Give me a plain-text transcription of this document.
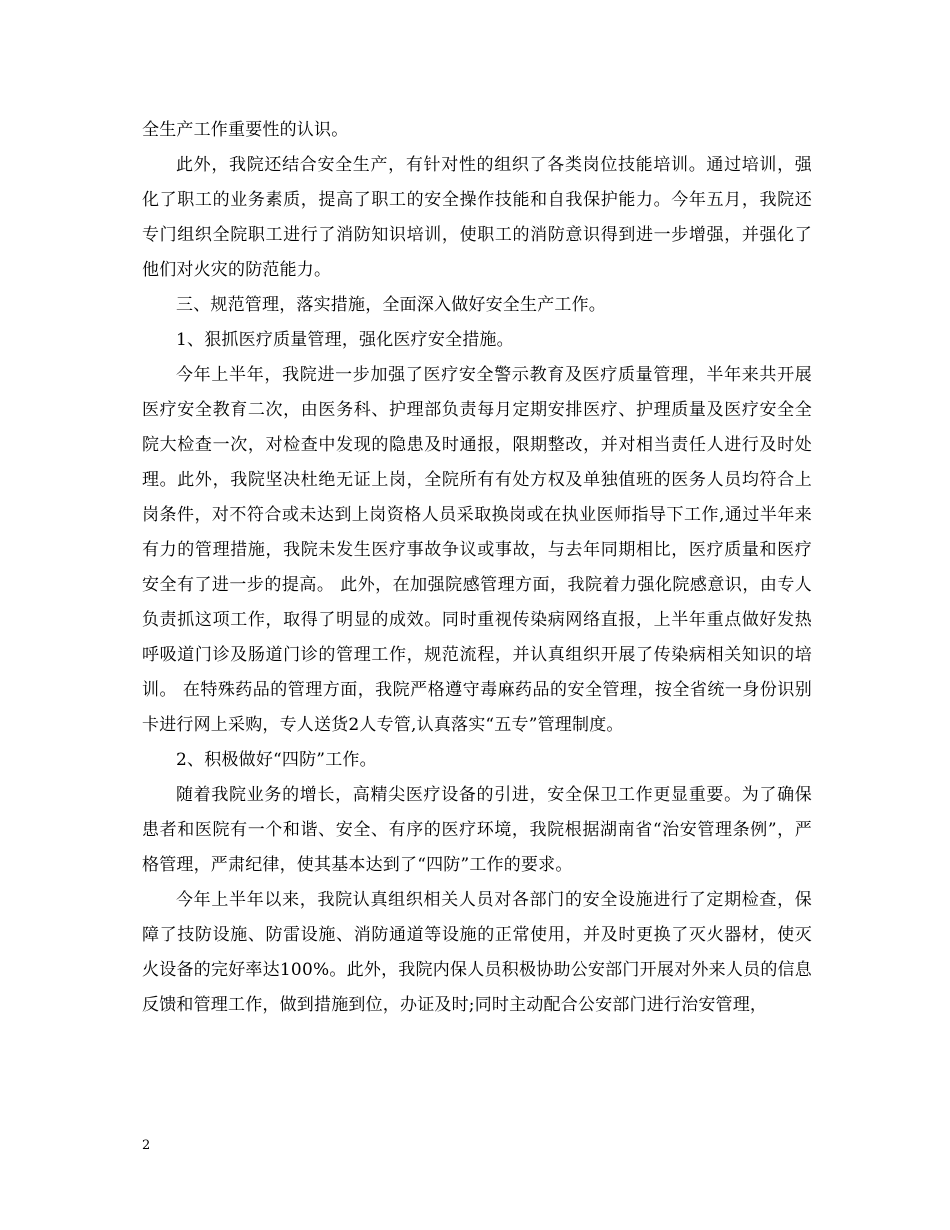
全生产工作重要性的认识。

此外，我院还结合安全生产，有针对性的组织了各类岗位技能培训。通过培训，强化了职工的业务素质，提高了职工的安全操作技能和自我保护能力。今年五月，我院还专门组织全院职工进行了消防知识培训，使职工的消防意识得到进一步增强，并强化了他们对火灾的防范能力。

三、规范管理，落实措施，全面深入做好安全生产工作。

1、狠抓医疗质量管理，强化医疗安全措施。

今年上半年，我院进一步加强了医疗安全警示教育及医疗质量管理，半年来共开展医疗安全教育二次，由医务科、护理部负责每月定期安排医疗、护理质量及医疗安全全院大检查一次，对检查中发现的隐患及时通报，限期整改，并对相当责任人进行及时处理。此外，我院坚决杜绝无证上岗，全院所有有处方权及单独值班的医务人员均符合上岗条件，对不符合或未达到上岗资格人员采取换岗或在执业医师指导下工作,通过半年来有力的管理措施，我院未发生医疗事故争议或事故，与去年同期相比，医疗质量和医疗安全有了进一步的提高。 此外，在加强院感管理方面，我院着力强化院感意识，由专人负责抓这项工作，取得了明显的成效。同时重视传染病网络直报，上半年重点做好发热呼吸道门诊及肠道门诊的管理工作，规范流程，并认真组织开展了传染病相关知识的培训。 在特殊药品的管理方面，我院严格遵守毒麻药品的安全管理，按全省统一身份识别卡进行网上采购，专人送货2人专管,认真落实“五专”管理制度。

2、积极做好“四防”工作。

随着我院业务的增长，高精尖医疗设备的引进，安全保卫工作更显重要。为了确保患者和医院有一个和谐、安全、有序的医疗环境，我院根据湖南省“治安管理条例”，严格管理，严肃纪律，使其基本达到了“四防”工作的要求。

今年上半年以来，我院认真组织相关人员对各部门的安全设施进行了定期检查，保障了技防设施、防雷设施、消防通道等设施的正常使用，并及时更换了灭火器材，使灭火设备的完好率达100%。此外，我院内保人员积极协助公安部门开展对外来人员的信息反馈和管理工作，做到措施到位，办证及时;同时主动配合公安部门进行治安管理，

2
